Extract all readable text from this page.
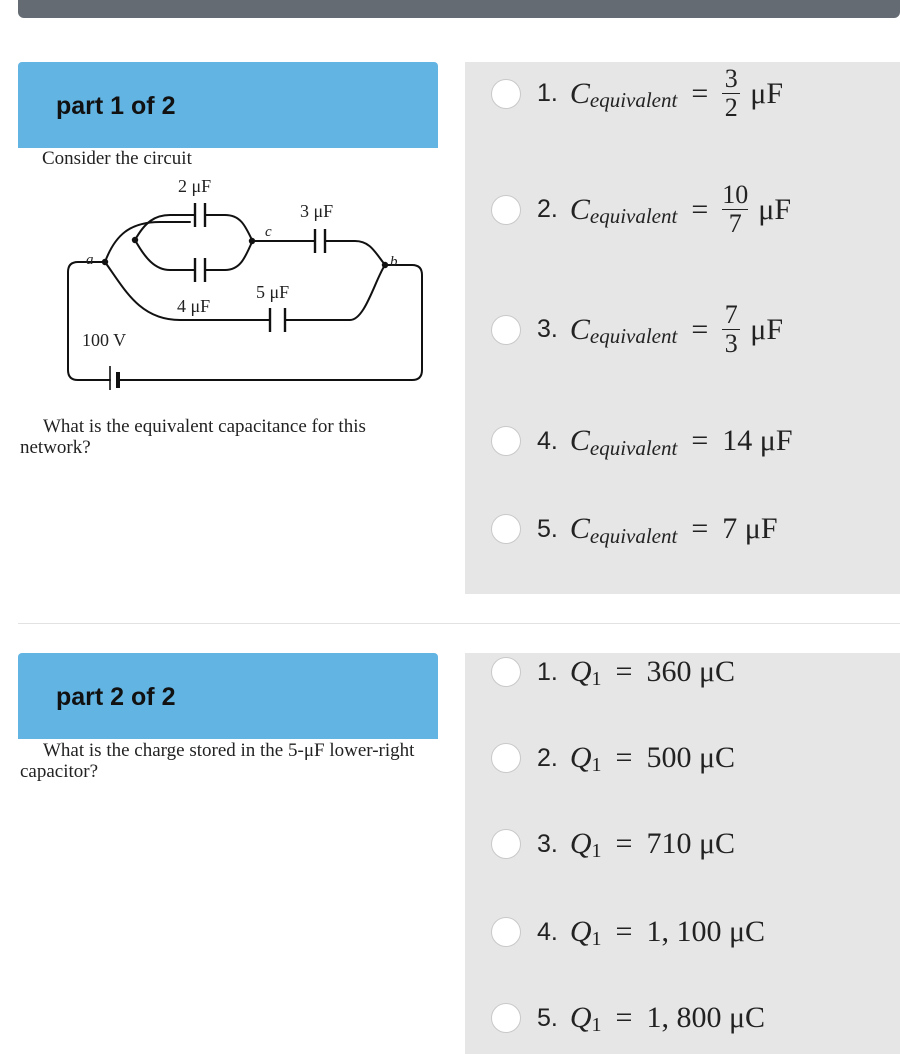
part 1 of 2
Consider the circuit
2 μF
3 μF
c
a	b
5 μF
4 μF
100 V
What is the equivalent capacitance for this network?
1. C equivalent = $\frac{3}{2}$ μF
2. C equivalent = $\frac{10}{7}$ μF
3. C equivalent = $\frac{7}{3}$ μF
4. C equivalent = 14
μF
5. C equivalent = 7
μF
part 2 of 2
What is the charge stored in the 5-μF lower-right capacitor?
1. Q 1 = 360
μC
2. Q 1 = 500
μC
3. Q 1 = 710
μC
4. Q 1 = 1, 100
μC
5. Q 1 = 1, 800
μC
